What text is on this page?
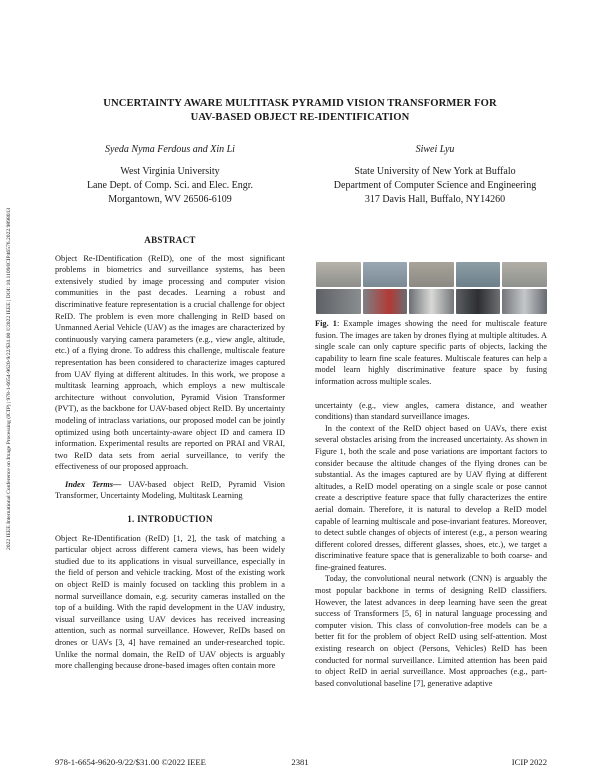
2022 IEEE International Conference on Image Processing (ICIP) | 978-1-6654-9620-9/22/$31.00 ©2022 IEEE | DOI: 10.1109/ICIP46576.2022.9898013
UNCERTAINTY AWARE MULTITASK PYRAMID VISION TRANSFORMER FOR
UAV-BASED OBJECT RE-IDENTIFICATION
Syeda Nyma Ferdous and Xin Li
West Virginia University
Lane Dept. of Comp. Sci. and Elec. Engr.
Morgantown, WV 26506-6109
Siwei Lyu
State University of New York at Buffalo
Department of Computer Science and Engineering
317 Davis Hall, Buffalo, NY14260
ABSTRACT

Object Re-IDentification (ReID), one of the most significant problems in biometrics and surveillance systems, has been extensively studied by image processing and computer vision communities in the past decades. Learning a robust and discriminative feature representation is a crucial challenge for object ReID. The problem is even more challenging in ReID based on Unmanned Aerial Vehicle (UAV) as the images are characterized by continuously varying camera parameters (e.g., view angle, altitude, etc.) of a flying drone. To address this challenge, multiscale feature representation has been considered to characterize images captured from UAV flying at different altitudes. In this work, we propose a multitask learning approach, which employs a new multiscale architecture without convolution, Pyramid Vision Transformer (PVT), as the backbone for UAV-based object ReID. By uncertainty modeling of intraclass variations, our proposed model can be jointly optimized using both uncertainty-aware object ID and camera ID information. Experimental results are reported on PRAI and VRAI, two ReID data sets from aerial surveillance, to verify the effectiveness of our proposed approach.

Index Terms— UAV-based object ReID, Pyramid Vision Transformer, Uncertainty Modeling, Multitask Learning

1. INTRODUCTION

Object Re-IDentification (ReID) [1, 2], the task of matching a particular object across different camera views, has been widely studied due to its applications in visual surveillance, especially in the field of person and vehicle tracking. Most of the existing work on object ReID is mainly focused on tackling this problem in a normal surveillance domain, e.g. security cameras installed on the top of a building. With the rapid development in the UAV industry, visual surveillance using UAV devices has received increasing attention, such as normal surveillance. However, ReIDs based on drones or UAVs [3, 4] have remained an under-researched topic. Unlike the normal domain, the ReID of UAV objects is arguably more challenging because drone-based images often contain more

Fig. 1: Example images showing the need for multiscale feature fusion. The images are taken by drones flying at multiple altitudes. A single scale can only capture specific parts of objects, lacking the capability to learn fine scale features. Multiscale features can help a model learn highly discriminative feature space by fusing information across multiple scales.

uncertainty (e.g., view angles, camera distance, and weather conditions) than standard surveillance images.

In the context of the ReID object based on UAVs, there exist several obstacles arising from the increased uncertainty. As shown in Figure 1, both the scale and pose variations are important factors to consider because the altitude changes of the flying drones can be substantial. As the images captured are by UAV flying at different altitudes, a ReID model operating on a single scale or pose cannot create a descriptive feature space that fully characterizes the entire aerial domain. Therefore, it is natural to develop a ReID model capable of learning multiscale and pose-invariant features. Moreover, to detect subtle changes of objects of interest (e.g., a person wearing different colored dresses, different glasses, shoes, etc.), we target a discriminative feature space that is generalizable to both coarse- and fine-grained features.

Today, the convolutional neural network (CNN) is arguably the most popular backbone in terms of designing ReID classifiers. However, the latest advances in deep learning have seen the great success of Transformers [5, 6] in natural language processing and computer vision. This class of convolution-free models can be a better fit for the problem of object ReID using self-attention. Most existing research on object (Persons, Vehicles) ReID has been conducted for normal surveillance. Limited attention has been paid to object ReID in aerial surveillance. Most approaches (e.g., part-based convolutional baseline [7], generative adaptive

978-1-6654-9620-9/22/$31.00 ©2022 IEEE	2381	ICIP 2022
